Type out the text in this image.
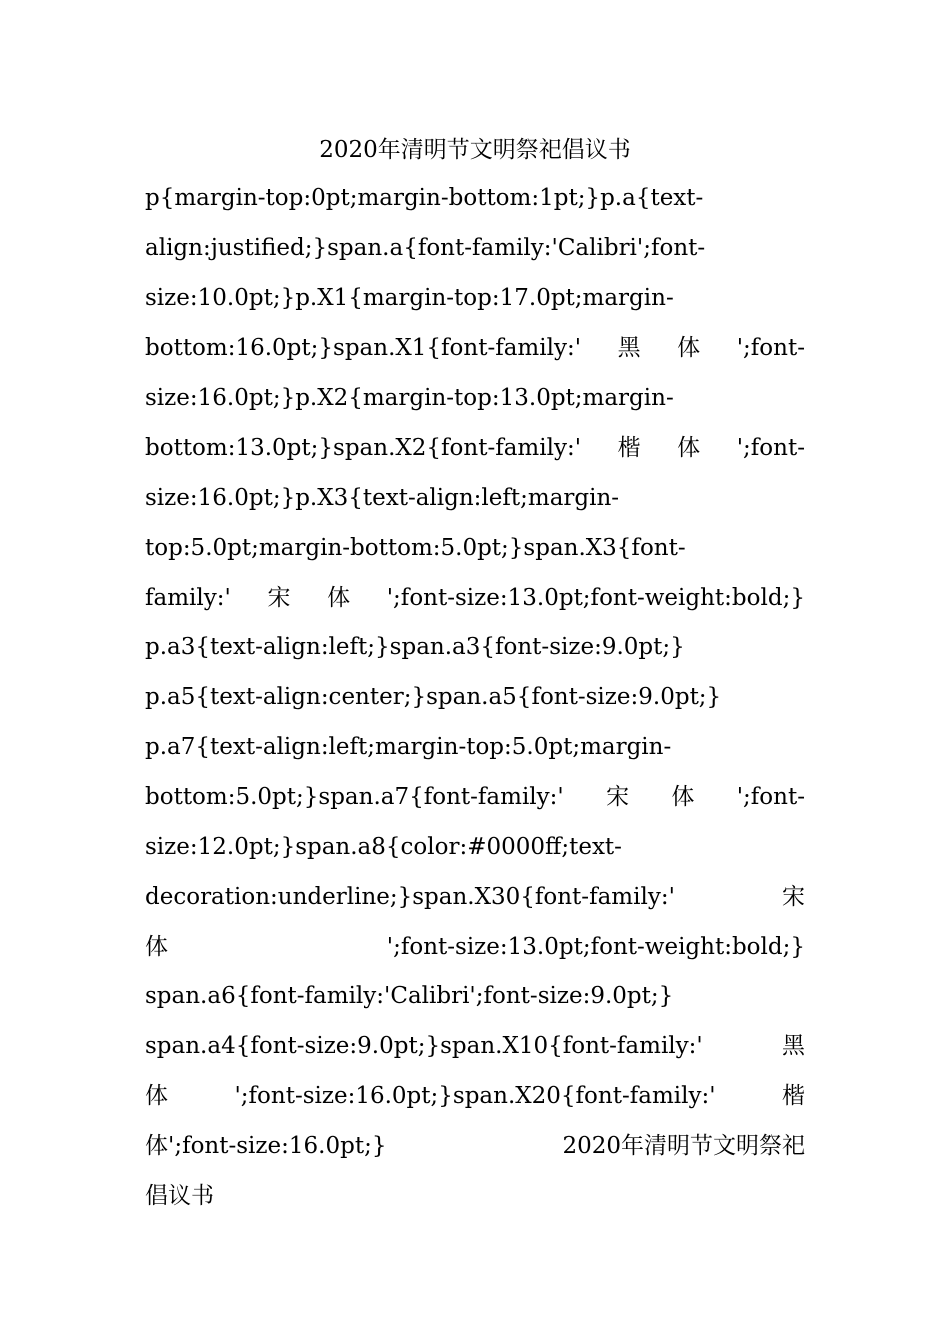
2020年清明节文明祭祀倡议书

p{margin-top:0pt;margin-bottom:1pt;}p.a{text-

align:justified;}span.a{font-family:'Calibri';font-

size:10.0pt;}p.X1{margin-top:17.0pt;margin-

bottom:16.0pt;}span.X1{font-family:' 黑 体 ';font-

size:16.0pt;}p.X2{margin-top:13.0pt;margin-

bottom:13.0pt;}span.X2{font-family:' 楷 体 ';font-

size:16.0pt;}p.X3{text-align:left;margin-

top:5.0pt;margin-bottom:5.0pt;}span.X3{font-

family:' 宋 体 ';font-size:13.0pt;font-weight:bold;}

p.a3{text-align:left;}span.a3{font-size:9.0pt;}

p.a5{text-align:center;}span.a5{font-size:9.0pt;}

p.a7{text-align:left;margin-top:5.0pt;margin-

bottom:5.0pt;}span.a7{font-family:' 宋 体 ';font-

size:12.0pt;}span.a8{color:#0000ff;text-

decoration:underline;}span.X30{font-family:'	宋

体	';font-size:13.0pt;font-weight:bold;}

span.a6{font-family:'Calibri';font-size:9.0pt;}

span.a4{font-size:9.0pt;}span.X10{font-family:'	黑

体	';font-size:16.0pt;}span.X20{font-family:'	楷

体';font-size:16.0pt;}	2020年清明节文明祭祀

倡议书
